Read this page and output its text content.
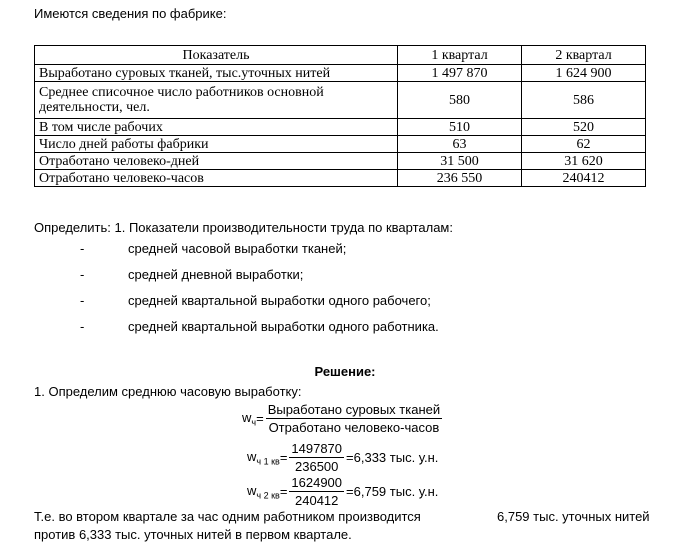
Имеются сведения по фабрике:
Показатель	1 квартал	2 квартал
Выработано суровых тканей, тыс.уточных нитей	1 497 870	1 624 900

Среднее списочное число работников основной
деятельности, чел.	580	586
В том числе рабочих	510	520
Число дней работы фабрики	63	62
Отработано человеко-дней	31 500	31 620
Отработано человеко-часов	236 550	240412
Определить: 1. Показатели производительности труда по кварталам:
-	средней часовой выработки тканей;
-	средней дневной выработки;
-	средней квартальной выработки одного рабочего;
-	средней квартальной выработки одного работника.
Решение:
1. Определим среднюю часовую выработку:
$w_ч = \frac{\text{Выработано суровых тканей}}{\text{Отработано человеко-часов}}$
$w_{ч 1 кв} = \frac{1497870}{236500} =6,333$ тыс. у.н.
$w_{ч 2 кв} = \frac{1624900}{240412} =6,759$ тыс. у.н.
Т.е. во втором квартале за час одним работником производится	6,759 тыс. уточных нитей
против 6,333 тыс. уточных нитей в первом квартале.
